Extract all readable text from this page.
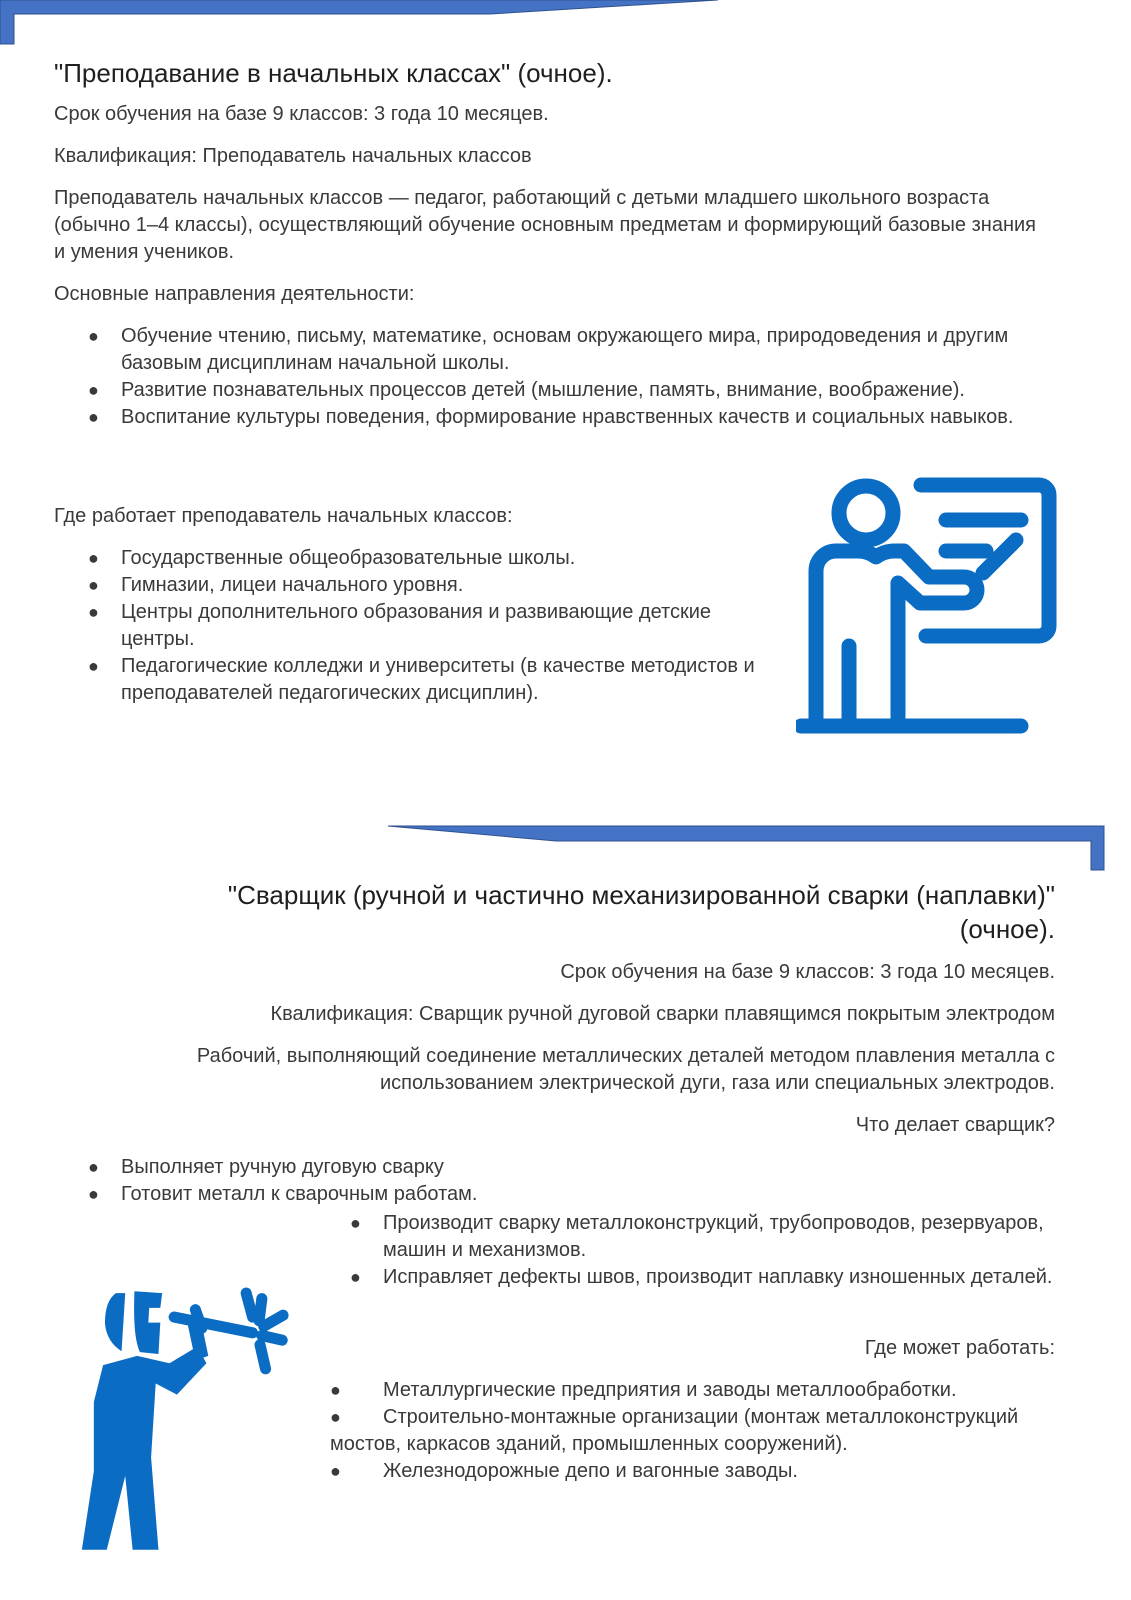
"Преподавание в начальных классах" (очное).
Срок обучения на базе 9 классов: 3 года 10 месяцев.
Квалификация: Преподаватель начальных классов
Преподаватель начальных классов — педагог, работающий с детьми младшего школьного возраста (обычно 1–4 классы), осуществляющий обучение основным предметам и формирующий базовые знания и умения учеников.
Основные направления деятельности:
● Обучение чтению, письму, математике, основам окружающего мира, природоведения и другим базовым дисциплинам начальной школы.
● Развитие познавательных процессов детей (мышление, память, внимание, воображение).
● Воспитание культуры поведения, формирование нравственных качеств и социальных навыков.
Где работает преподаватель начальных классов:
● Государственные общеобразовательные школы.
● Гимназии, лицеи начального уровня.
● Центры дополнительного образования и развивающие детские центры.
● Педагогические колледжи и университеты (в качестве методистов и преподавателей педагогических дисциплин).
"Сварщик (ручной и частично механизированной сварки (наплавки)" (очное).
Срок обучения на базе 9 классов: 3 года 10 месяцев.
Квалификация: Сварщик ручной дуговой сварки плавящимся покрытым электродом
Рабочий, выполняющий соединение металлических деталей методом плавления металла с использованием электрической дуги, газа или специальных электродов.
Что делает сварщик?
● Выполняет ручную дуговую сварку
● Готовит металл к сварочным работам.
● Производит сварку металлоконструкций, трубопроводов, резервуаров, машин и механизмов.
● Исправляет дефекты швов, производит наплавку изношенных деталей.
Где может работать:
● Металлургические предприятия и заводы металлообработки.
● Строительно-монтажные организации (монтаж металлоконструкций мостов, каркасов зданий, промышленных сооружений).
● Железнодорожные депо и вагонные заводы.
